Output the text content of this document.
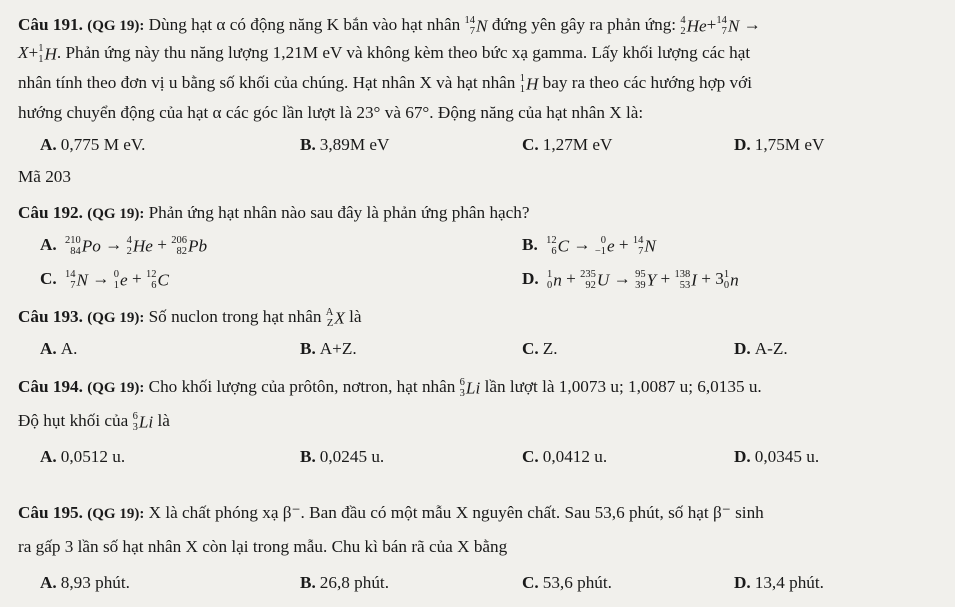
Câu 191. (QG 19): Dùng hạt α có động năng K bắn vào hạt nhân 14
7 N đứng yên gây ra phản ứng: 4
2 He+ 14
7 N →
X+ 1
1 H. Phản ứng này thu năng lượng 1,21M eV và không kèm theo bức xạ gamma. Lấy khối lượng các hạt
nhân tính theo đơn vị u bằng số khối của chúng. Hạt nhân X và hạt nhân 1
1 H bay ra theo các hướng hợp với
hướng chuyển động của hạt α các góc lần lượt là 23° và 67°. Động năng của hạt nhân X là:
A. 0,775 M eV.	B. 3,89M eV	C. 1,27M eV	D. 1,75M eV
Mã 203
Câu 192. (QG 19): Phản ứng hạt nhân nào sau đây là phản ứng phân hạch?
A. 210
84 Po → 4
2 He + 206
82 Pb	B. 12
6 C → 0
−1 e + 14
7 N
C. 14
7 N → 0
1 e + 12
6 C	D. 1
0 n + 235
92 U → 95
39 Y + 138
53 I + 3 1
0 n
Câu 193. (QG 19): Số nuclon trong hạt nhân A
Z X là
A. A.	B. A+Z.	C. Z.	D. A-Z.
Câu 194. (QG 19): Cho khối lượng của prôtôn, nơtron, hạt nhân 6
3 Li lần lượt là 1,0073 u; 1,0087 u; 6,0135 u.
Độ hụt khối của 6
3 Li là
A. 0,0512 u.	B. 0,0245 u.	C. 0,0412 u.	D. 0,0345 u.
Câu 195. (QG 19): X là chất phóng xạ β⁻. Ban đầu có một mẫu X nguyên chất. Sau 53,6 phút, số hạt β⁻ sinh
ra gấp 3 lần số hạt nhân X còn lại trong mẫu. Chu kì bán rã của X bằng
A. 8,93 phút.	B. 26,8 phút.	C. 53,6 phút.	D. 13,4 phút.
